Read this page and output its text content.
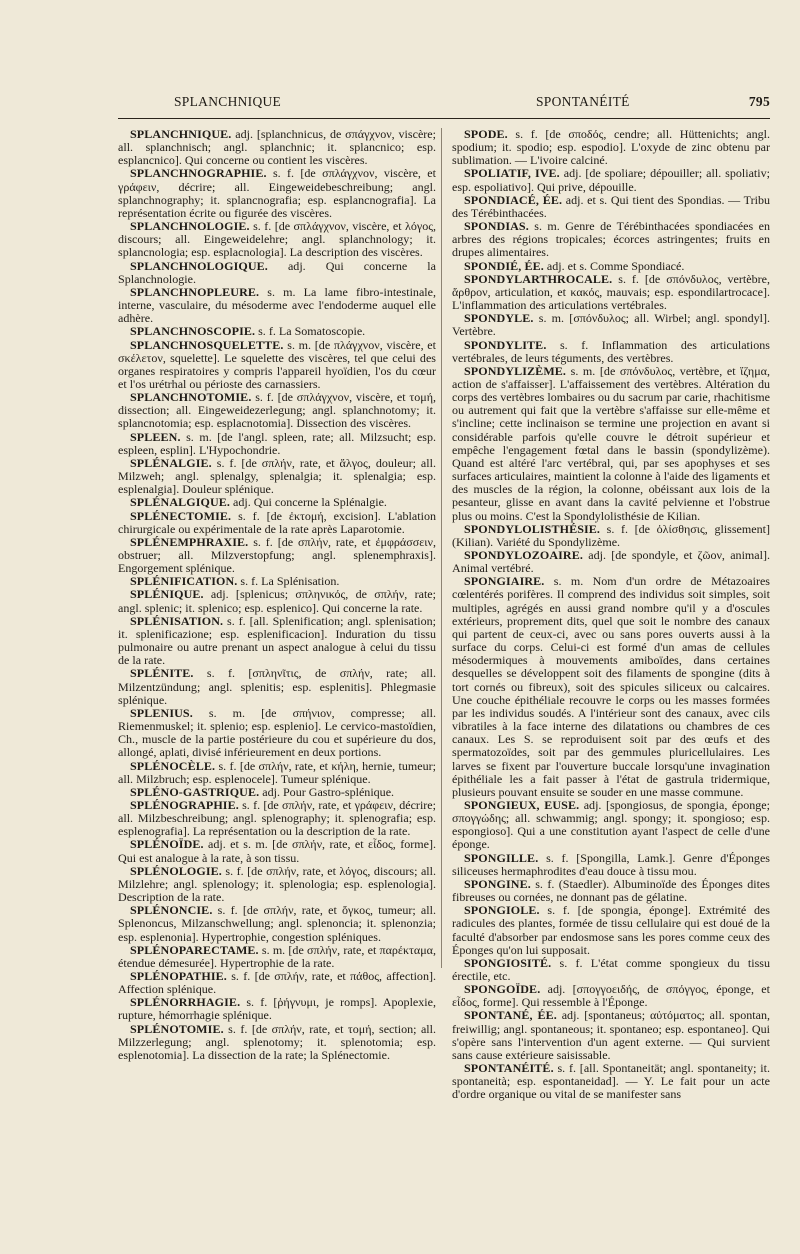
SPLANCHNIQUE	SPONTANÉITÉ	795

SPLANCHNIQUE. adj. [splanchnicus, de σπάγχνον, viscère; all. splanchnisch; angl. splanchnic; it. splancnico; esp. esplancnico]. Qui concerne ou contient les viscères.

SPLANCHNOGRAPHIE. s. f. [de σπλάγχνον, viscère, et γράφειν, décrire; all. Eingeweidebeschreibung; angl. splanchnography; it. splancnografia; esp. esplancnografia]. La représentation écrite ou figurée des viscères.

SPLANCHNOLOGIE. s. f. [de σπλάγχνον, viscère, et λόγος, discours; all. Eingeweidelehre; angl. splanchnology; it. splancnologia; esp. esplacnologia]. La description des viscères.

SPLANCHNOLOGIQUE. adj. Qui concerne la Splanchnologie.

SPLANCHNOPLEURE. s. m. La lame fibro-intestinale, interne, vasculaire, du mésoderme avec l'endoderme auquel elle adhère.

SPLANCHNOSCOPIE. s. f. La Somatoscopie.

SPLANCHNOSQUELETTE. s. m. [de πλάγχνον, viscère, et σκέλετον, squelette]. Le squelette des viscères, tel que celui des organes respiratoires y compris l'appareil hyoïdien, l'os du cœur et l'os urétrhal ou périoste des carnassiers.

SPLANCHNOTOMIE. s. f. [de σπλάγχνον, viscère, et τομή, dissection; all. Eingeweidezerlegung; angl. splanchnotomy; it. splancnotomia; esp. esplacnotomia]. Dissection des viscères.

SPLEEN. s. m. [de l'angl. spleen, rate; all. Milzsucht; esp. espleen, esplin]. L'Hypochondrie.

SPLÉNALGIE. s. f. [de σπλήν, rate, et ἄλγος, douleur; all. Milzweh; angl. splenalgy, splenalgia; it. splenalgia; esp. esplenalgia]. Douleur splénique.

SPLÉNALGIQUE. adj. Qui concerne la Splénalgie.

SPLÉNECTOMIE. s. f. [de ἐκτομή, excision]. L'ablation chirurgicale ou expérimentale de la rate après Laparotomie.

SPLÉNEMPHRAXIE. s. f. [de σπλήν, rate, et ἐμφράσσειν, obstruer; all. Milzverstopfung; angl. splenemphraxis]. Engorgement splénique.

SPLÉNIFICATION. s. f. La Splénisation.

SPLÉNIQUE. adj. [splenicus; σπληνικός, de σπλήν, rate; angl. splenic; it. splenico; esp. esplenico]. Qui concerne la rate.

SPLÉNISATION. s. f. [all. Splenification; angl. splenisation; it. splenificazione; esp. esplenificacion]. Induration du tissu pulmonaire ou autre prenant un aspect analogue à celui du tissu de la rate.

SPLÉNITE. s. f. [σπληνῖτις, de σπλήν, rate; all. Milzentzündung; angl. splenitis; esp. esplenitis]. Phlegmasie splénique.

SPLENIUS. s. m. [de σπήνιον, compresse; all. Riemenmuskel; it. splenio; esp. esplenio]. Le cervico-mastoïdien, Ch., muscle de la partie postérieure du cou et supérieure du dos, allongé, aplati, divisé inférieurement en deux portions.

SPLÉNOCÈLE. s. f. [de σπλήν, rate, et κήλη, hernie, tumeur; all. Milzbruch; esp. esplenocele]. Tumeur splénique.

SPLÉNO-GASTRIQUE. adj. Pour Gastro-splénique.

SPLÉNOGRAPHIE. s. f. [de σπλήν, rate, et γράφειν, décrire; all. Milzbeschreibung; angl. splenography; it. splenografia; esp. esplenografia]. La représentation ou la description de la rate.

SPLÉNOÏDE. adj. et s. m. [de σπλήν, rate, et εἶδος, forme]. Qui est analogue à la rate, à son tissu.

SPLÉNOLOGIE. s. f. [de σπλήν, rate, et λόγος, discours; all. Milzlehre; angl. splenology; it. splenologia; esp. esplenologia]. Description de la rate.

SPLÉNONCIE. s. f. [de σπλήν, rate, et ὄγκος, tumeur; all. Splenoncus, Milzanschwellung; angl. splenoncia; it. splenonzia; esp. esplenonia]. Hypertrophie, congestion spléniques.

SPLÉNOPARECTAME. s. m. [de σπλήν, rate, et παρέκταμα, étendue démesurée]. Hypertrophie de la rate.

SPLÉNOPATHIE. s. f. [de σπλήν, rate, et πάθος, affection]. Affection splénique.

SPLÉNORRHAGIE. s. f. [ῥήγνυμι, je romps]. Apoplexie, rupture, hémorrhagie splénique.

SPLÉNOTOMIE. s. f. [de σπλήν, rate, et τομή, section; all. Milzzerlegung; angl. splenotomy; it. splenotomia; esp. esplenotomia]. La dissection de la rate; la Splénectomie.

SPODE. s. f. [de σποδός, cendre; all. Hüttenichts; angl. spodium; it. spodio; esp. espodio]. L'oxyde de zinc obtenu par sublimation. — L'ivoire calciné.

SPOLIATIF, IVE. adj. [de spoliare; dépouiller; all. spoliativ; esp. espoliativo]. Qui prive, dépouille.

SPONDIACÉ, ÉE. adj. et s. Qui tient des Spondias. — Tribu des Térébinthacées.

SPONDIAS. s. m. Genre de Térébinthacées spondiacées en arbres des régions tropicales; écorces astringentes; fruits en drupes alimentaires.

SPONDIÉ, ÉE. adj. et s. Comme Spondiacé.

SPONDYLARTHROCALE. s. f. [de σπόνδυλος, vertèbre, ἄρθρον, articulation, et κακός, mauvais; esp. espondilartrocace]. L'inflammation des articulations vertébrales.

SPONDYLE. s. m. [σπόνδυλος; all. Wirbel; angl. spondyl]. Vertèbre.

SPONDYLITE. s. f. Inflammation des articulations vertébrales, de leurs téguments, des vertèbres.

SPONDYLIZÈME. s. m. [de σπόνδυλος, vertèbre, et ἵζημα, action de s'affaisser]. L'affaissement des vertèbres. Altération du corps des vertèbres lombaires ou du sacrum par carie, rhachitisme ou autrement qui fait que la vertèbre s'affaisse sur elle-même et s'incline; cette inclinaison se termine une projection en avant si considérable parfois qu'elle couvre le détroit supérieur et empêche l'engagement fœtal dans le bassin (spondylizème). Quand est altéré l'arc vertébral, qui, par ses apophyses et ses surfaces articulaires, maintient la colonne à l'aide des ligaments et des muscles de la région, la colonne, obéissant aux lois de la pesanteur, glisse en avant dans la cavité pelvienne et l'obstrue plus ou moins. C'est la Spondylolisthésie de Kilian.

SPONDYLOLISTHÉSIE. s. f. [de ὀλίσθησις, glissement] (Kilian). Variété du Spondylizème.

SPONDYLOZOAIRE. adj. [de spondyle, et ζῶον, animal]. Animal vertébré.

SPONGIAIRE. s. m. Nom d'un ordre de Métazoaires cœlentérés porifères. Il comprend des individus soit simples, soit multiples, agrégés en aussi grand nombre qu'il y a d'oscules extérieurs, proprement dits, quel que soit le nombre des canaux qui partent de ceux-ci, avec ou sans pores ouverts aussi à la surface du corps. Celui-ci est formé d'un amas de cellules mésodermiques à mouvements amiboïdes, dans certaines desquelles se développent soit des filaments de spongine (dits à tort cornés ou fibreux), soit des spicules siliceux ou calcaires. Une couche épithéliale recouvre le corps ou les masses formées par les individus soudés. A l'intérieur sont des canaux, avec cils vibratiles à la face interne des dilatations ou chambres de ces canaux. Les S. se reproduisent soit par des œufs et des spermatozoïdes, soit par des gemmules pluricellulaires. Les larves se fixent par l'ouverture buccale lorsqu'une invagination épithéliale les a fait passer à l'état de gastrula tridermique, plusieurs pouvant ensuite se souder en une masse commune.

SPONGIEUX, EUSE. adj. [spongiosus, de spongia, éponge; σπογγώδης; all. schwammig; angl. spongy; it. spongioso; esp. espongioso]. Qui a une constitution ayant l'aspect de celle d'une éponge.

SPONGILLE. s. f. [Spongilla, Lamk.]. Genre d'Éponges siliceuses hermaphrodites d'eau douce à tissu mou.

SPONGINE. s. f. (Staedler). Albuminoïde des Éponges dites fibreuses ou cornées, ne donnant pas de gélatine.

SPONGIOLE. s. f. [de spongia, éponge]. Extrémité des radicules des plantes, formée de tissu cellulaire qui est doué de la faculté d'absorber par endosmose sans les pores comme ceux des Éponges qu'on lui supposait.

SPONGIOSITÉ. s. f. L'état comme spongieux du tissu érectile, etc.

SPONGOÏDE. adj. [σπογγοειδής, de σπόγγος, éponge, et εἶδος, forme]. Qui ressemble à l'Éponge.

SPONTANÉ, ÉE. adj. [spontaneus; αὐτόματος; all. spontan, freiwillig; angl. spontaneous; it. spontaneo; esp. espontaneo]. Qui s'opère sans l'intervention d'un agent externe. — Qui survient sans cause extérieure saisissable.

SPONTANÉITÉ. s. f. [all. Spontaneität; angl. spontaneity; it. spontaneità; esp. espontaneidad]. — Y. Le fait pour un acte d'ordre organique ou vital de se manifester sans
